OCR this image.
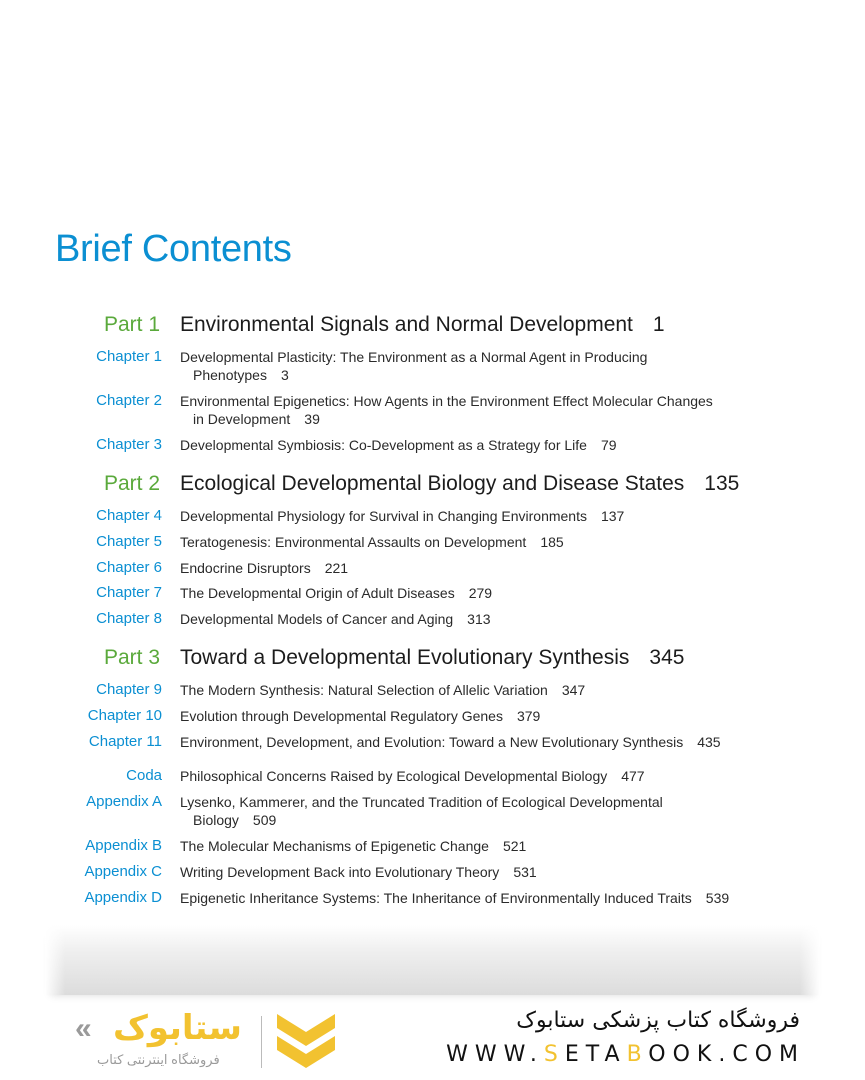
Brief Contents
Part 1 Environmental Signals and Normal Development 1
Chapter 1 Developmental Plasticity: The Environment as a Normal Agent in Producing
Phenotypes 3
Chapter 2 Environmental Epigenetics: How Agents in the Environment Effect Molecular Changes
in Development 39
Chapter 3 Developmental Symbiosis: Co-Development as a Strategy for Life 79
Part 2 Ecological Developmental Biology and Disease States 135
Chapter 4 Developmental Physiology for Survival in Changing Environments 137
Chapter 5 Teratogenesis: Environmental Assaults on Development 185
Chapter 6 Endocrine Disruptors 221
Chapter 7 The Developmental Origin of Adult Diseases 279
Chapter 8 Developmental Models of Cancer and Aging 313
Part 3 Toward a Developmental Evolutionary Synthesis 345
Chapter 9 The Modern Synthesis: Natural Selection of Allelic Variation 347
Chapter 10 Evolution through Developmental Regulatory Genes 379
Chapter 11 Environment, Development, and Evolution: Toward a New Evolutionary Synthesis 435
Coda Philosophical Concerns Raised by Ecological Developmental Biology 477
Appendix A Lysenko, Kammerer, and the Truncated Tradition of Ecological Developmental
Biology 509
Appendix B The Molecular Mechanisms of Epigenetic Change 521
Appendix C Writing Development Back into Evolutionary Theory 531
Appendix D Epigenetic Inheritance Systems: The Inheritance of Environmentally Induced Traits 539
« ستابوک
فروشگاه اینترنتی کتاب
فروشگاه کتاب پزشکی ستابوک
WWW.SETABOOK.COM
